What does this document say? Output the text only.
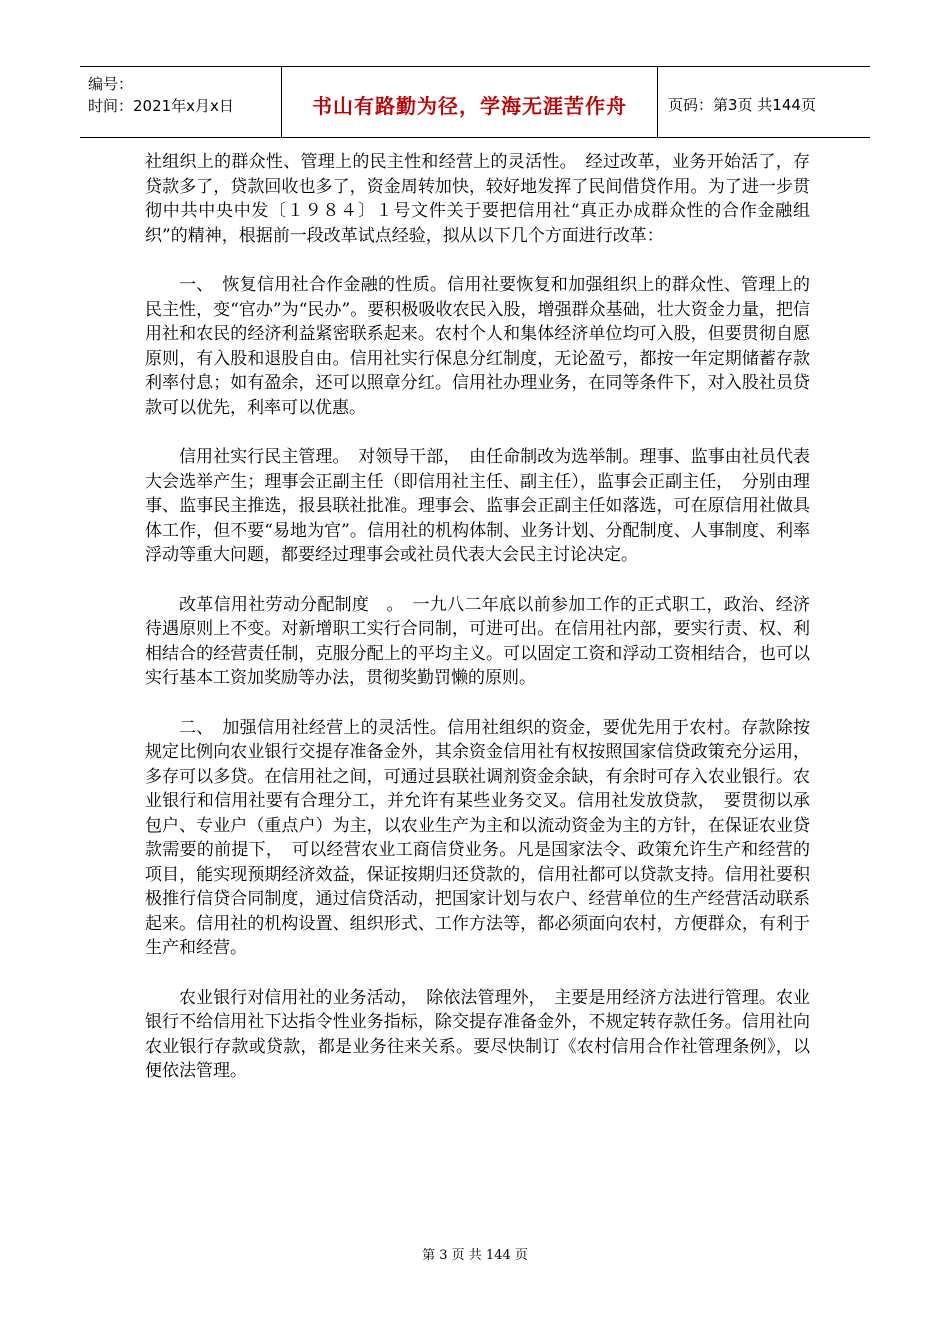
编号：
时间：2021年x月x日	书山有路勤为径，学海无涯苦作舟	页码：第3页 共144页

社组织上的群众性、管理上的民主性和经营上的灵活性。　经过改革，业务开始活了，存贷款多了，贷款回收也多了，资金周转加快，较好地发挥了民间借贷作用。为了进一步贯彻中共中央中发〔１９８４〕１号文件关于要把信用社“真正办成群众性的合作金融组织”的精神，根据前一段改革试点经验，拟从以下几个方面进行改革：

一、　恢复信用社合作金融的性质。信用社要恢复和加强组织上的群众性、管理上的民主性，变“官办”为“民办”。要积极吸收农民入股，增强群众基础，壮大资金力量，把信用社和农民的经济利益紧密联系起来。农村个人和集体经济单位均可入股，但要贯彻自愿原则，有入股和退股自由。信用社实行保息分红制度，无论盈亏，都按一年定期储蓄存款利率付息；如有盈余，还可以照章分红。信用社办理业务，在同等条件下，对入股社员贷款可以优先，利率可以优惠。

信用社实行民主管理。　对领导干部，　由任命制改为选举制。理事、监事由社员代表大会选举产生；理事会正副主任（即信用社主任、副主任），监事会正副主任，　分别由理事、监事民主推选，报县联社批准。理事会、监事会正副主任如落选，可在原信用社做具体工作，但不要“易地为官”。信用社的机构体制、业务计划、分配制度、人事制度、利率浮动等重大问题，都要经过理事会或社员代表大会民主讨论决定。

改革信用社劳动分配制度　。　一九八二年底以前参加工作的正式职工，政治、经济待遇原则上不变。对新增职工实行合同制，可进可出。在信用社内部，要实行责、权、利相结合的经营责任制，克服分配上的平均主义。可以固定工资和浮动工资相结合，也可以实行基本工资加奖励等办法，贯彻奖勤罚懒的原则。

二、　加强信用社经营上的灵活性。信用社组织的资金，要优先用于农村。存款除按规定比例向农业银行交提存准备金外，其余资金信用社有权按照国家信贷政策充分运用，多存可以多贷。在信用社之间，可通过县联社调剂资金余缺，有余时可存入农业银行。农业银行和信用社要有合理分工，并允许有某些业务交叉。信用社发放贷款，　要贯彻以承包户、专业户（重点户）为主，以农业生产为主和以流动资金为主的方针，在保证农业贷款需要的前提下，　可以经营农业工商信贷业务。凡是国家法令、政策允许生产和经营的项目，能实现预期经济效益，保证按期归还贷款的，信用社都可以贷款支持。信用社要积极推行信贷合同制度，通过信贷活动，把国家计划与农户、经营单位的生产经营活动联系起来。信用社的机构设置、组织形式、工作方法等，都必须面向农村，方便群众，有利于生产和经营。

农业银行对信用社的业务活动，　除依法管理外，　主要是用经济方法进行管理。农业银行不给信用社下达指令性业务指标，除交提存准备金外，不规定转存款任务。信用社向农业银行存款或贷款，都是业务往来关系。要尽快制订《农村信用合作社管理条例》，以便依法管理。

第 3 页 共 144 页
